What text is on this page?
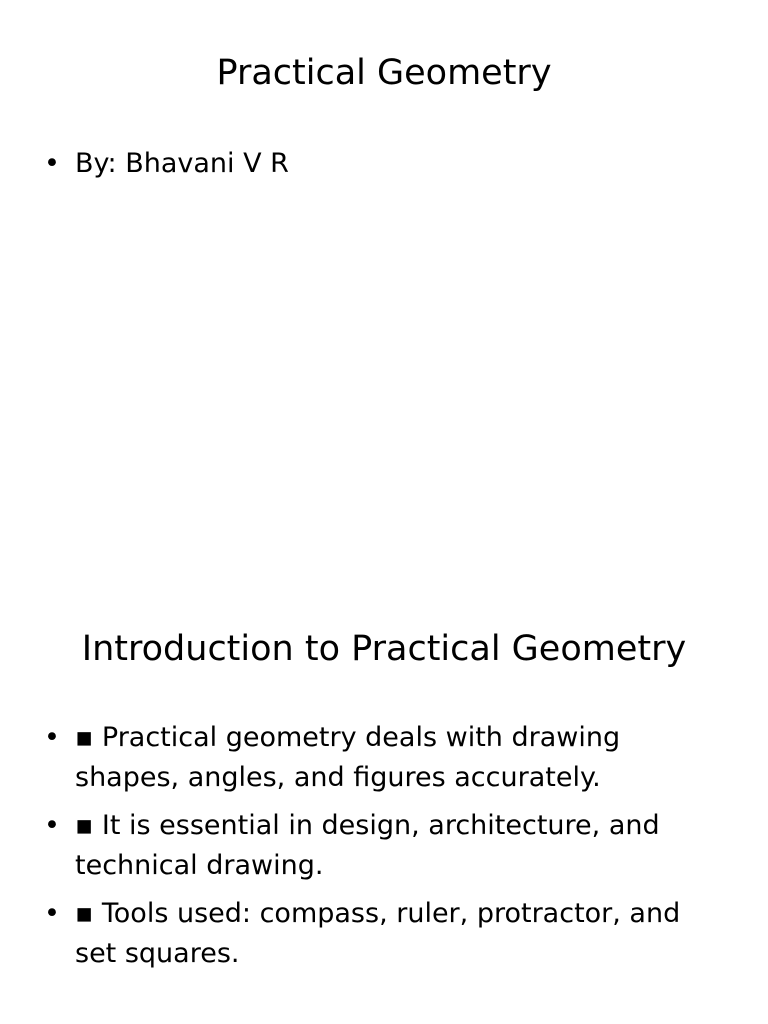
Practical Geometry
• By: Bhavani V R
Introduction to Practical Geometry
• ▪ Practical geometry deals with drawing shapes, angles, and figures accurately.
• ▪ It is essential in design, architecture, and technical drawing.
• ▪ Tools used: compass, ruler, protractor, and set squares.
